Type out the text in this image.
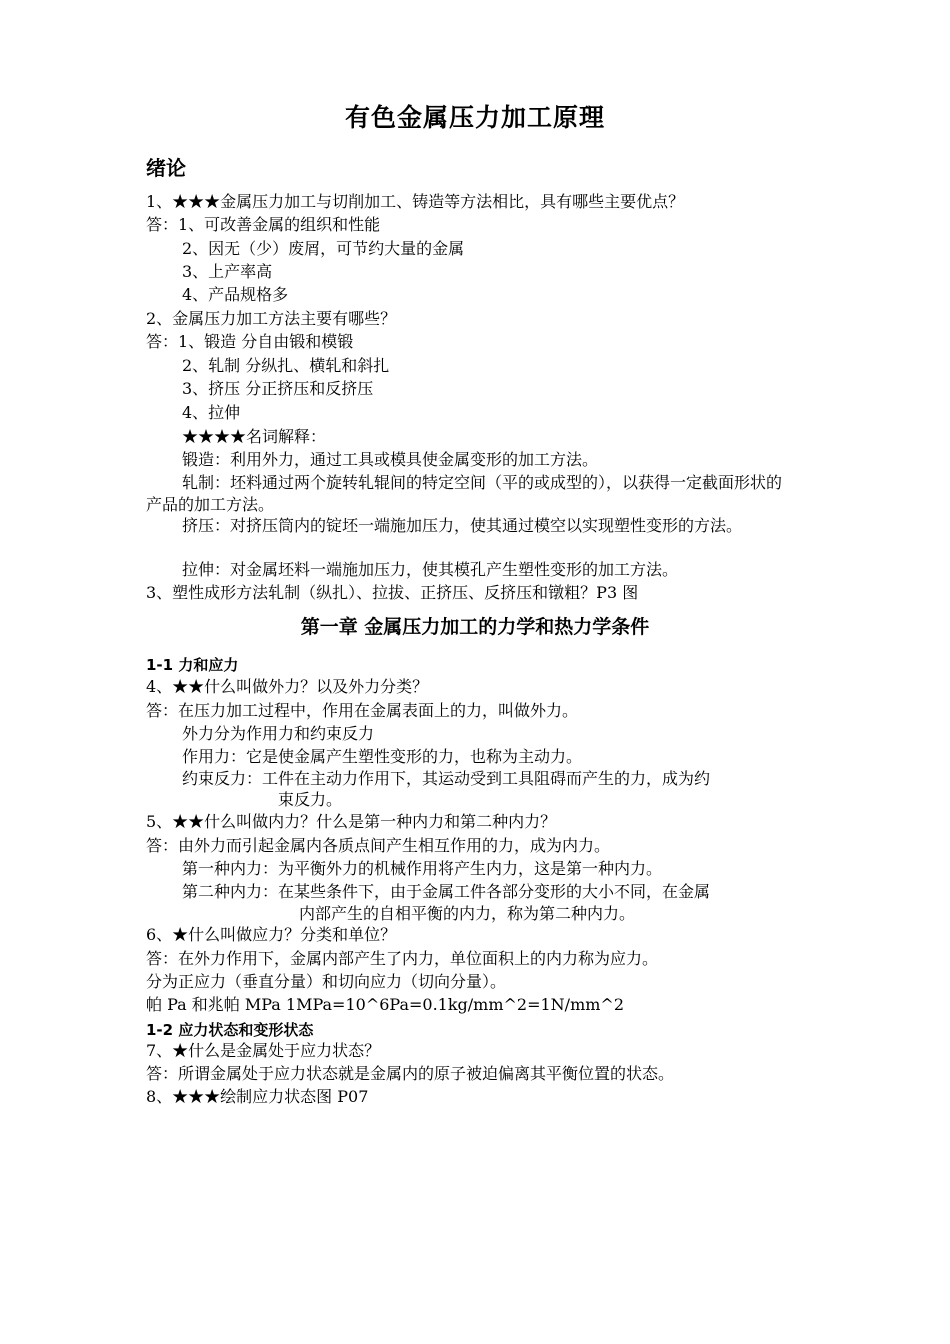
有色金属压力加工原理
绪论
1、★★★金属压力加工与切削加工、铸造等方法相比，具有哪些主要优点？
答：1、可改善金属的组织和性能
2、因无（少）废屑，可节约大量的金属
3、上产率高
4、产品规格多
2、金属压力加工方法主要有哪些？
答：1、锻造 分自由锻和模锻
2、轧制 分纵扎、横轧和斜扎
3、挤压 分正挤压和反挤压
4、拉伸
★★★★名词解释：
锻造：利用外力，通过工具或模具使金属变形的加工方法。
轧制：坯料通过两个旋转轧辊间的特定空间（平的或成型的），以获得一定截面形状的产品的加工方法。
挤压：对挤压筒内的锭坯一端施加压力，使其通过模空以实现塑性变形的方法。
拉伸：对金属坯料一端施加压力，使其模孔产生塑性变形的加工方法。
3、塑性成形方法轧制（纵扎）、拉拔、正挤压、反挤压和镦粗？P3 图
第一章 金属压力加工的力学和热力学条件
1-1 力和应力
4、★★什么叫做外力？以及外力分类？
答：在压力加工过程中，作用在金属表面上的力，叫做外力。
外力分为作用力和约束反力
作用力：它是使金属产生塑性变形的力，也称为主动力。
约束反力：工件在主动力作用下，其运动受到工具阻碍而产生的力，成为约
束反力。
5、★★什么叫做内力？什么是第一种内力和第二种内力？
答：由外力而引起金属内各质点间产生相互作用的力，成为内力。
第一种内力：为平衡外力的机械作用将产生内力，这是第一种内力。
第二种内力：在某些条件下，由于金属工件各部分变形的大小不同，在金属
内部产生的自相平衡的内力，称为第二种内力。
6、★什么叫做应力？分类和单位？
答：在外力作用下，金属内部产生了内力，单位面积上的内力称为应力。
分为正应力（垂直分量）和切向应力（切向分量）。
帕 Pa 和兆帕 MPa 1MPa=10^6Pa=0.1kg/mm^2=1N/mm^2
1-2 应力状态和变形状态
7、★什么是金属处于应力状态？
答：所谓金属处于应力状态就是金属内的原子被迫偏离其平衡位置的状态。
8、★★★绘制应力状态图 P07
